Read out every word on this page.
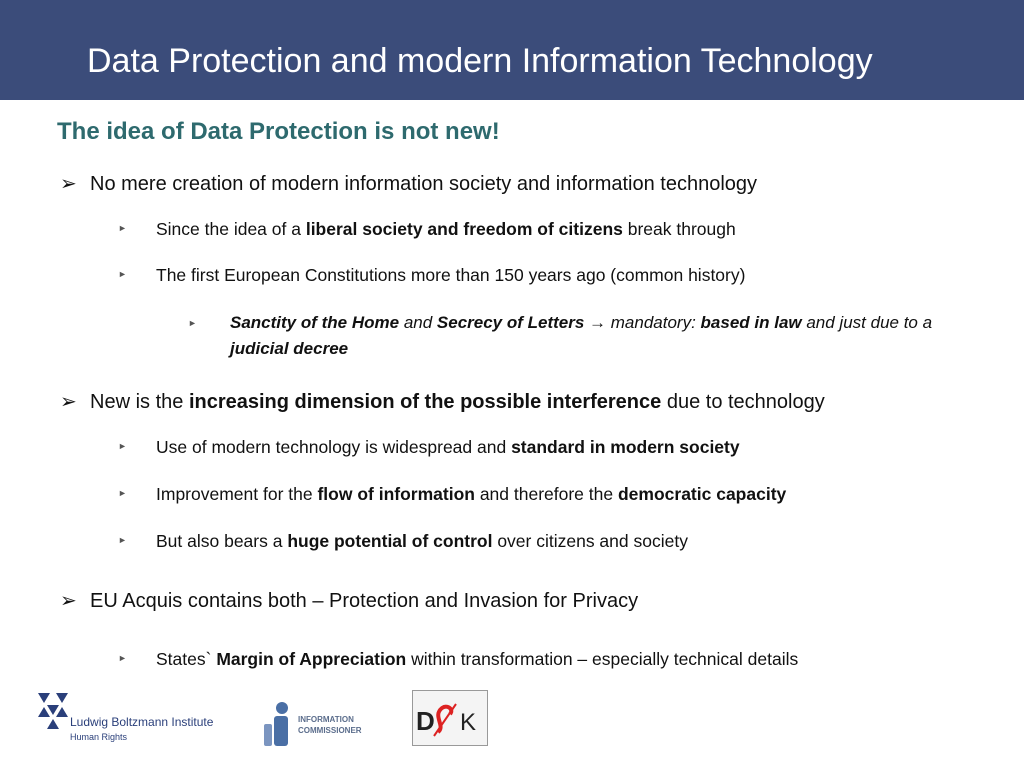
Data Protection and modern Information Technology
The idea of Data Protection is not new!
➢ No mere creation of modern information society and information technology
► Since the idea of a liberal society and freedom of citizens break through
► The first European Constitutions more than 150 years ago (common history)
► Sanctity of the Home and Secrecy of Letters → mandatory: based in law and just due to a judicial decree
➢ New is the increasing dimension of the possible interference due to technology
► Use of modern technology is widespread and standard in modern society
► Improvement for the flow of information and therefore the democratic capacity
► But also bears a huge potential of control over citizens and society
➢ EU Acquis contains both – Protection and Invasion for Privacy
► States` Margin of Appreciation within transformation – especially technical details
Ludwig Boltzmann Institute
Human Rights
INFORMATION
COMMISSIONER D K
